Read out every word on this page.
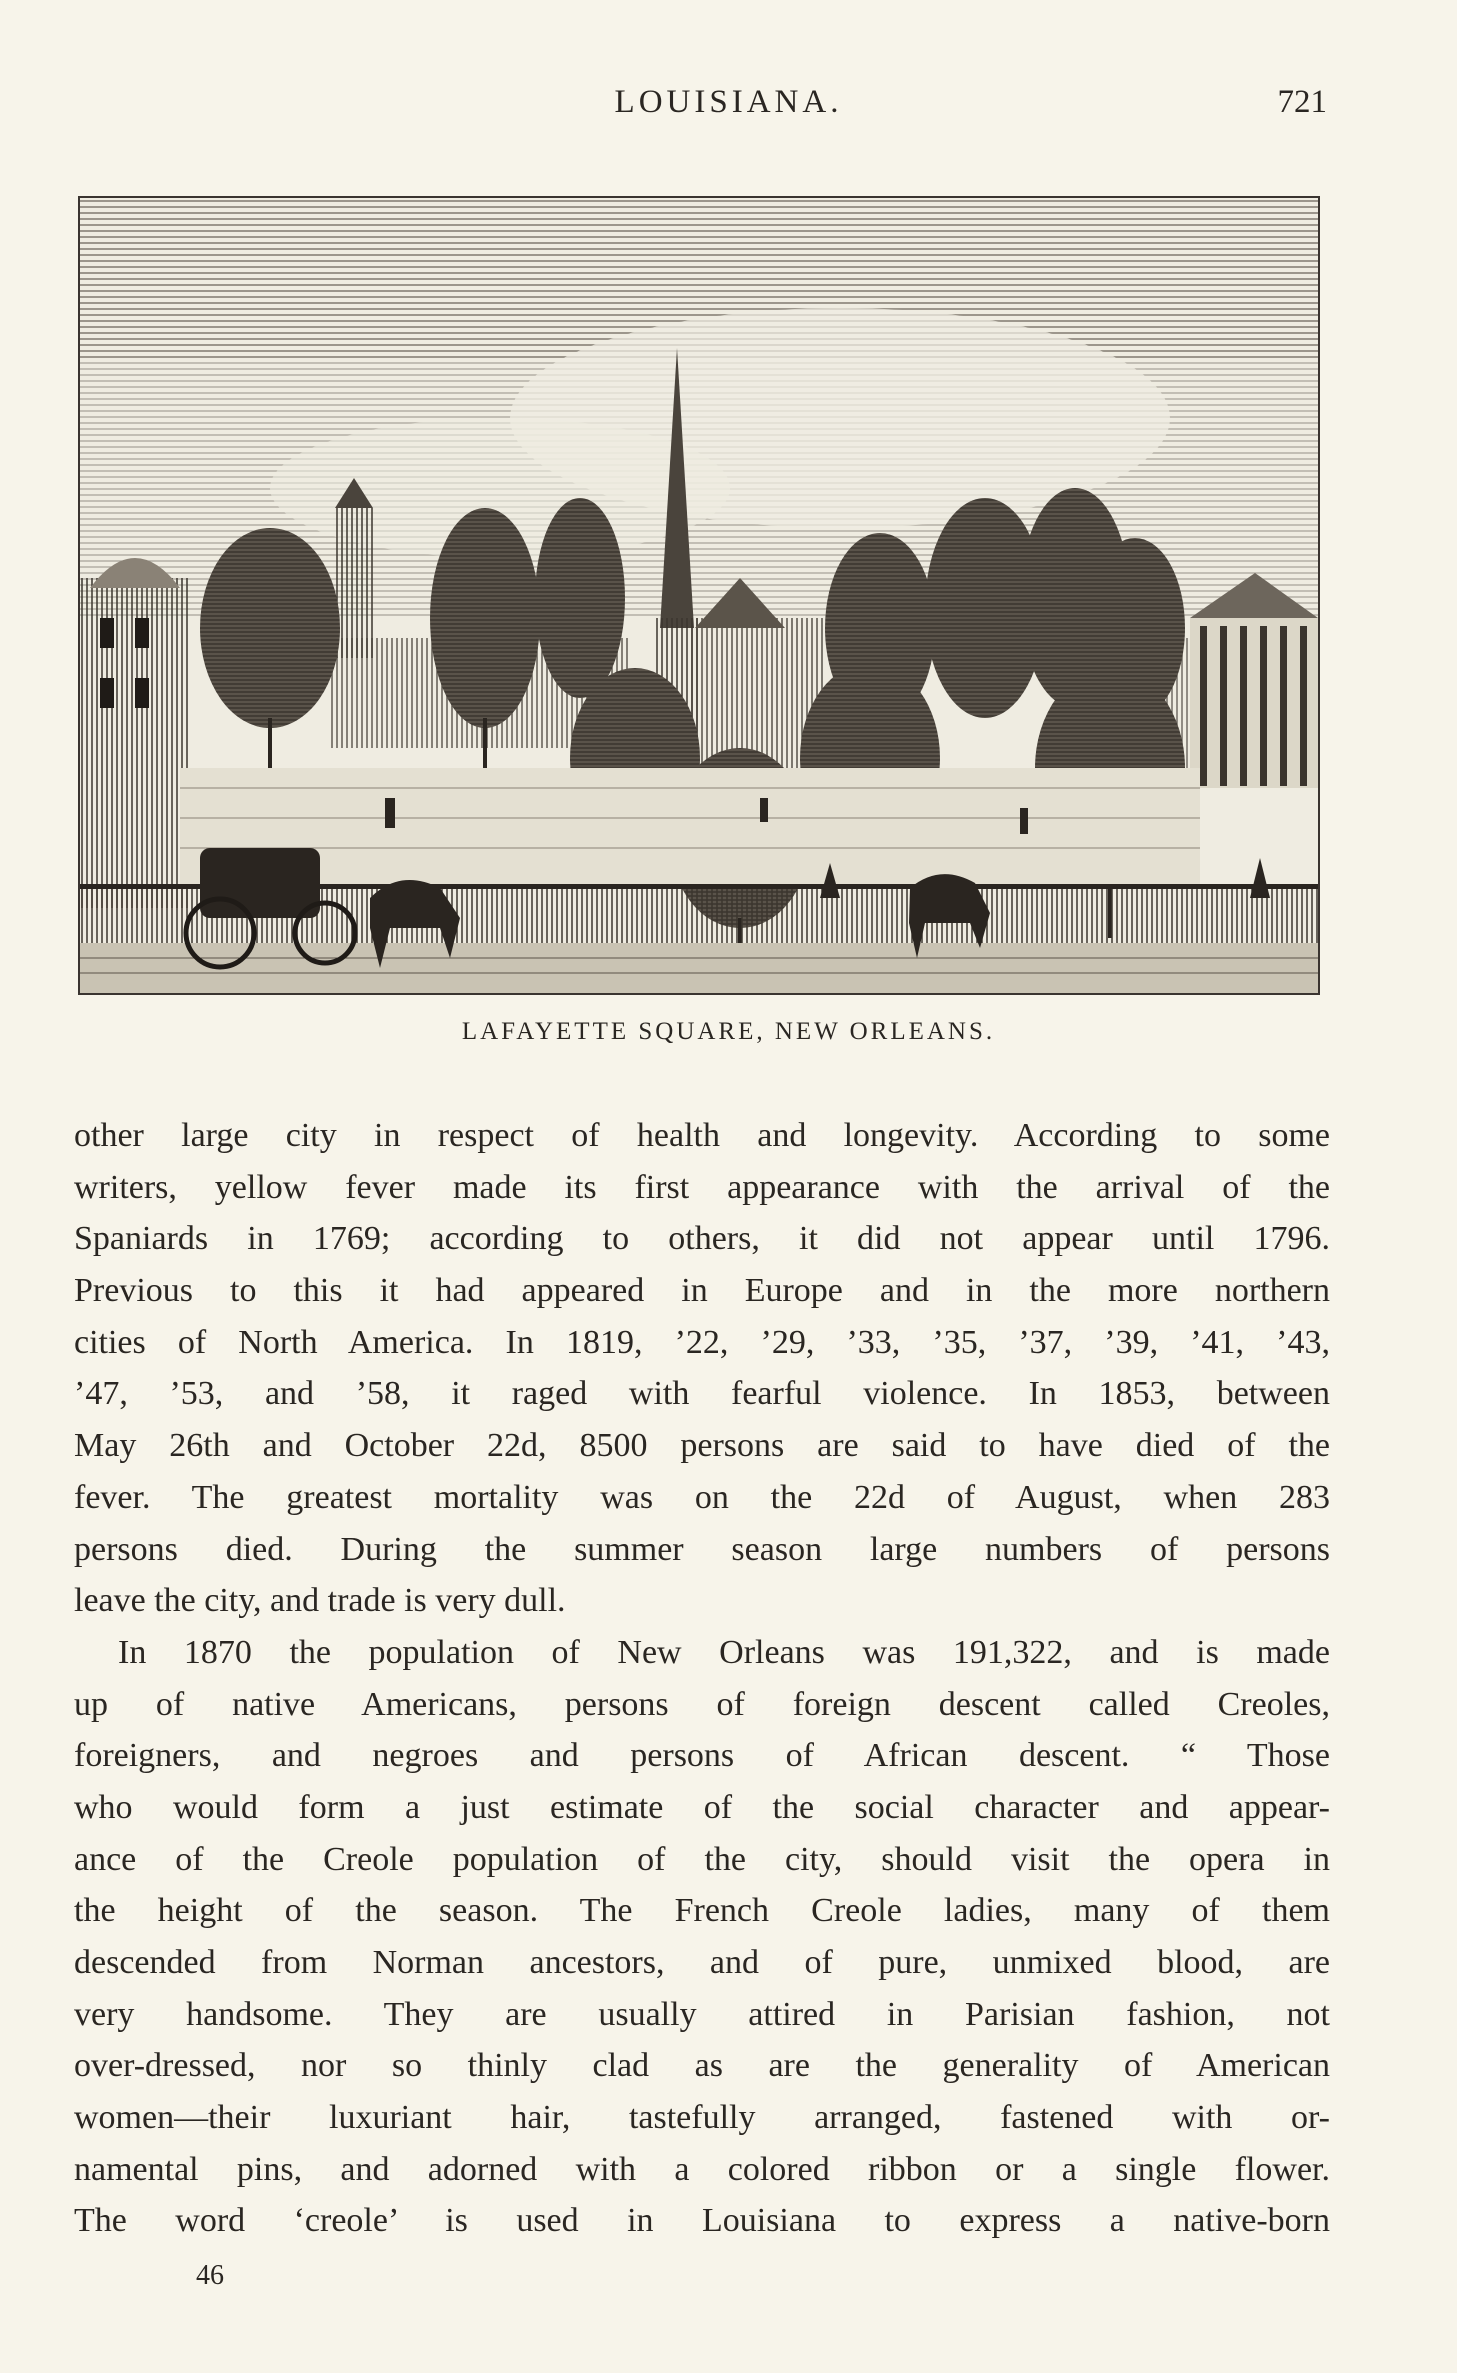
LOUISIANA.	721
LAFAYETTE SQUARE, NEW ORLEANS.
other large city in respect of health and longevity. According to some
writers, yellow fever made its first appearance with the arrival of the
Spaniards in 1769; according to others, it did not appear until 1796.
Previous to this it had appeared in Europe and in the more northern
cities of North America. In 1819, ’22, ’29, ’33, ’35, ’37, ’39, ’41, ’43,
’47, ’53, and ’58, it raged with fearful violence. In 1853, between
May 26th and October 22d, 8500 persons are said to have died of the
fever. The greatest mortality was on the 22d of August, when 283
persons died. During the summer season large numbers of persons
leave the city, and trade is very dull.
In 1870 the population of New Orleans was 191,322, and is made
up of native Americans, persons of foreign descent called Creoles,
foreigners, and negroes and persons of African descent. “ Those
who would form a just estimate of the social character and appear-
ance of the Creole population of the city, should visit the opera in
the height of the season. The French Creole ladies, many of them
descended from Norman ancestors, and of pure, unmixed blood, are
very handsome. They are usually attired in Parisian fashion, not
over-dressed, nor so thinly clad as are the generality of American
women—their luxuriant hair, tastefully arranged, fastened with or-
namental pins, and adorned with a colored ribbon or a single flower.
The word ‘creole’ is used in Louisiana to express a native-born
46
